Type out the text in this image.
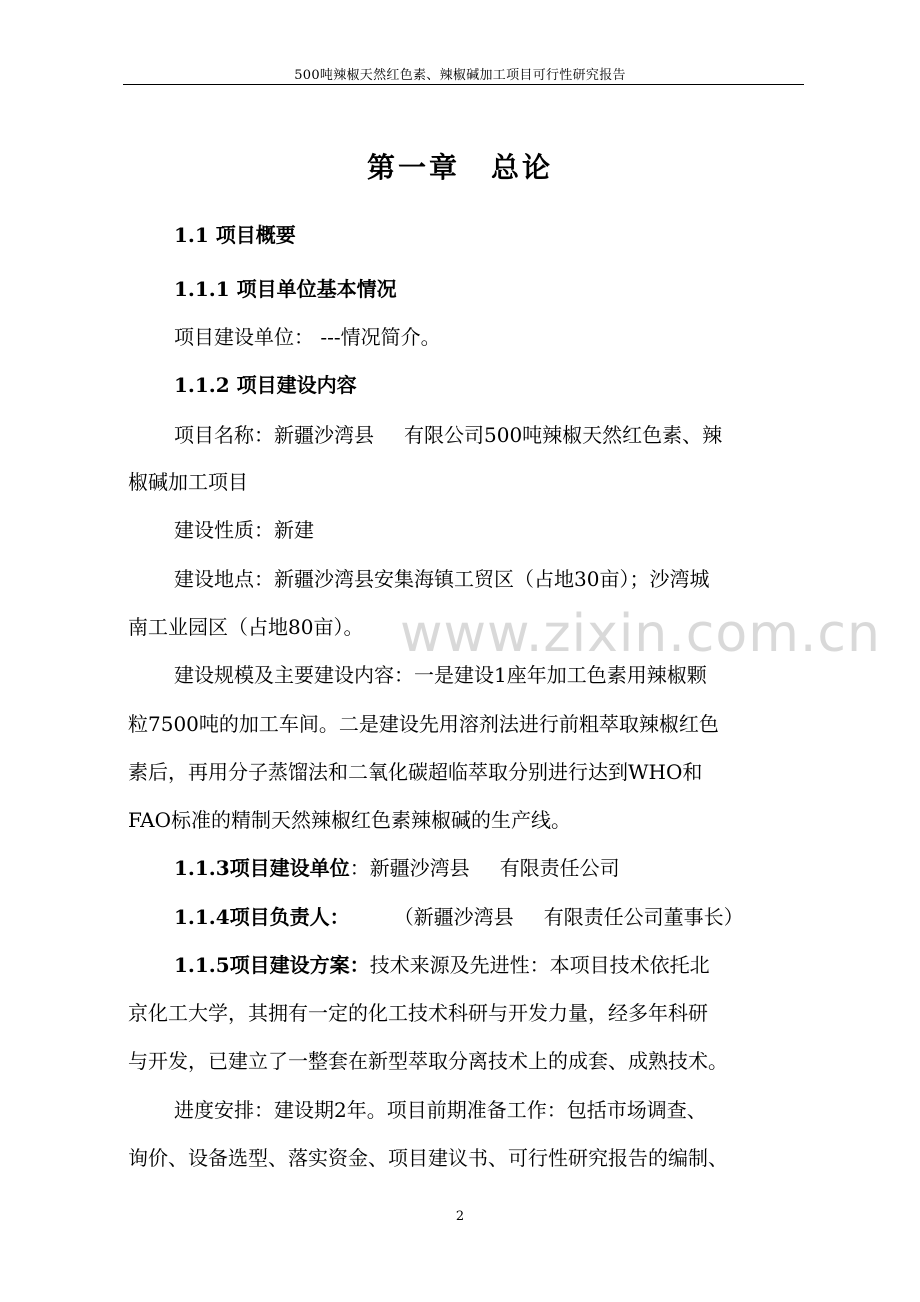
500吨辣椒天然红色素、辣椒碱加工项目可行性研究报告
第一章　总论
1.1 项目概要
1.1.1 项目单位基本情况
项目建设单位： ---情况简介。
1.1.2 项目建设内容
项目名称：新疆沙湾县 有限公司500吨辣椒天然红色素、辣
椒碱加工项目
建设性质：新建
建设地点：新疆沙湾县安集海镇工贸区（占地30亩）；沙湾城
南工业园区（占地80亩）。 www.zixin.com.cn
建设规模及主要建设内容：一是建设1座年加工色素用辣椒颗
粒7500吨的加工车间。二是建设先用溶剂法进行前粗萃取辣椒红色
素后，再用分子蒸馏法和二氧化碳超临萃取分别进行达到WHO和
FAO标准的精制天然辣椒红色素辣椒碱的生产线。
1.1.3项目建设单位：新疆沙湾县 有限责任公司
1.1.4项目负责人： （新疆沙湾县 有限责任公司董事长）
1.1.5项目建设方案：技术来源及先进性：本项目技术依托北
京化工大学，其拥有一定的化工技术科研与开发力量，经多年科研
与开发，已建立了一整套在新型萃取分离技术上的成套、成熟技术。
进度安排：建设期2年。项目前期准备工作：包括市场调查、
询价、设备选型、落实资金、项目建议书、可行性研究报告的编制、
2
